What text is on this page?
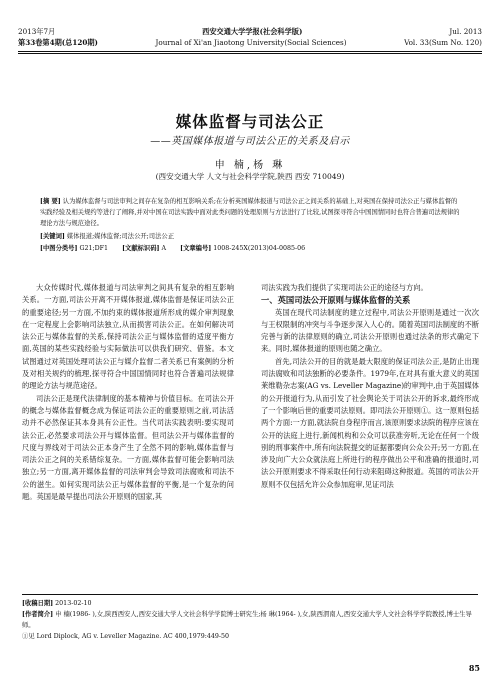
2013年7月	西安交通大学学报(社会科学版)	Jul. 2013
第33卷第4期(总120期)	Journal of Xi'an Jiaotong University(Social Sciences)	Vol. 33(Sum No. 120)
媒体监督与司法公正
——英国媒体报道与司法公正的关系及启示
申 楠,杨 琳
(西安交通大学 人文与社会科学学院,陕西 西安 710049)

[摘 要] 认为媒体监督与司法审判之间存在复杂的相互影响关系;在分析英国媒体报道与司法公正之间关系的基础上,对英国在保持司法公正与媒体监督的实践经验及相关规约等进行了阐释,并对中国在司法实践中面对此类问题的处理原则与方法进行了比较,试图探寻符合中国国情同时也符合普遍司法规律的理论方法与规范途径。

[关键词] 媒体报道;媒体监督;司法公开;司法公正

[中图分类号] G21;DF1 [文献标识码] A [文章编号] 1008-245X(2013)04-0085-06

大众传媒时代,媒体报道与司法审判之间具有复杂的相互影响关系。一方面,司法公开离不开媒体报道,媒体监督是保证司法公正的重要途径;另一方面,不加约束的媒体报道所形成的媒介审判现象在一定程度上会影响司法独立,从而损害司法公正。在如何解决司法公正与媒体监督的关系,保持司法公正与媒体监督的适度平衡方面,英国的某些实践经验与实际做法可以供我们研究、借鉴。本文试图通过对英国处理司法公正与媒介监督二者关系已有案例的分析及对相关规约的梳理,探寻符合中国国情同时也符合普遍司法规律的理论方法与规范途径。

司法公正是现代法律制度的基本精神与价值目标。在司法公开的概念与媒体监督概念成为保证司法公正的重要原则之前,司法活动并不必然保证其本身具有公正性。当代司法实践表明:要实现司法公正,必然要求司法公开与媒体监督。但司法公开与媒体监督的尺度与界线对于司法公正本身产生了全然不同的影响,媒体监督与司法公正之间的关系错综复杂。一方面,媒体监督可能会影响司法独立;另一方面,离开媒体监督的司法审判会导致司法腐败和司法不公的滋生。如何实现司法公正与媒体监督的平衡,是一个复杂的问题。英国是最早提出司法公开原则的国家,其

司法实践为我们提供了实现司法公正的途径与方向。

一、英国司法公开原则与媒体监督的关系

英国在现代司法制度的建立过程中,司法公开原则是通过一次次与王权限制的冲突与斗争逐步深入人心的。随着英国司法制度的不断完善与新的法律原则的确立,司法公开原则也通过法条的形式确定下来。同时,媒体报道的原则也随之确立。

首先,司法公开的目的就是最大限度的保证司法公正,是防止出现司法腐败和司法独断的必要条件。1979年,在对具有重大意义的英国莱维勒杂志案(AG vs. Leveller Magazine)的审判中,由于英国媒体的公开报道行为,从而引发了社会舆论关于司法公开的诉求,最终形成了一个影响后世的重要司法原则。即司法公开原则①。这一原则包括两个方面:一方面,就法院自身程序而言,该原则要求法院的程序应该在公开的法庭上进行,新闻机构和公众可以获准旁听,无论在任何一个级别的刑事案件中,所有向法院提交的证据都要向公众公开;另一方面,在涉及向广大公众就法庭上所进行的程序做出公平和准确的报道时,司法公开原则要求不得采取任何行动来阻碍这种报道。英国的司法公开原则不仅包括允许公众参加庭审,见证司法

[收稿日期] 2013-02-10

[作者简介] 申 楠(1986- ),女,陕西西安人,西安交通大学人文社会科学学院博士研究生;杨 琳(1964- ),女,陕西渭南人,西安交通大学人文社会科学学院教授,博士生导师。

①见 Lord Diplock, AG v. Leveller Magazine. AC 400,1979:449-50

85
